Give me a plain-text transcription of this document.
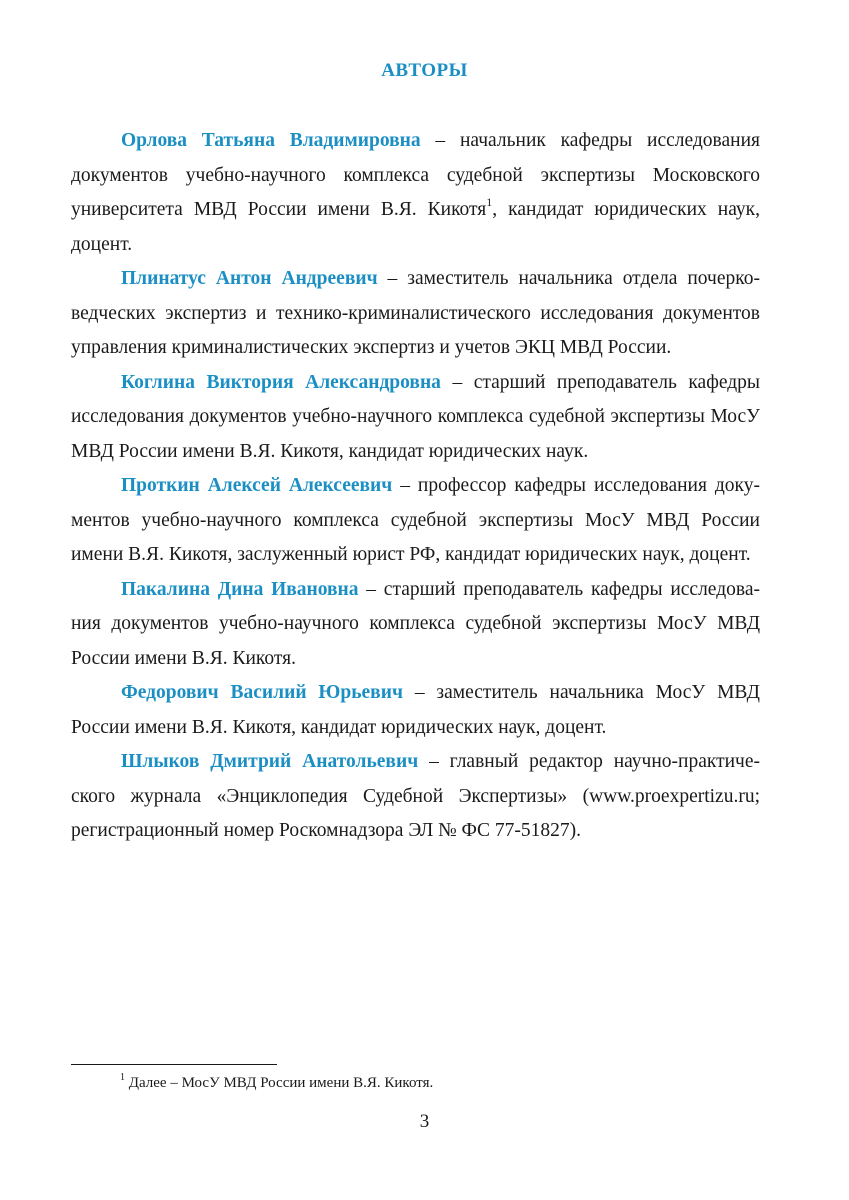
АВТОРЫ

Орлова Татьяна Владимировна – начальник кафедры исследования документов учебно-научного комплекса судебной экспертизы Московского университета МВД России имени В.Я. Кикотя$^1$, кандидат юридических наук, доцент.

Плинатус Антон Андреевич – заместитель начальника отдела почерковедческих экспертиз и технико-криминалистического исследования документов управления криминалистических экспертиз и учетов ЭКЦ МВД России.

Коглина Виктория Александровна – старший преподаватель кафедры исследования документов учебно-научного комплекса судебной экспертизы МосУ МВД России имени В.Я. Кикотя, кандидат юридических наук.

Проткин Алексей Алексеевич – профессор кафедры исследования документов учебно-научного комплекса судебной экспертизы МосУ МВД России имени В.Я. Кикотя, заслуженный юрист РФ, кандидат юридических наук, доцент.

Пакалина Дина Ивановна – старший преподаватель кафедры исследования документов учебно-научного комплекса судебной экспертизы МосУ МВД России имени В.Я. Кикотя.

Федорович Василий Юрьевич – заместитель начальника МосУ МВД России имени В.Я. Кикотя, кандидат юридических наук, доцент.

Шлыков Дмитрий Анатольевич – главный редактор научно-практического журнала «Энциклопедия Судебной Экспертизы» (www.proexpertizu.ru; регистрационный номер Роскомнадзора ЭЛ № ФС 77-51827).

$^1$ Далее – МосУ МВД России имени В.Я. Кикотя.
3
